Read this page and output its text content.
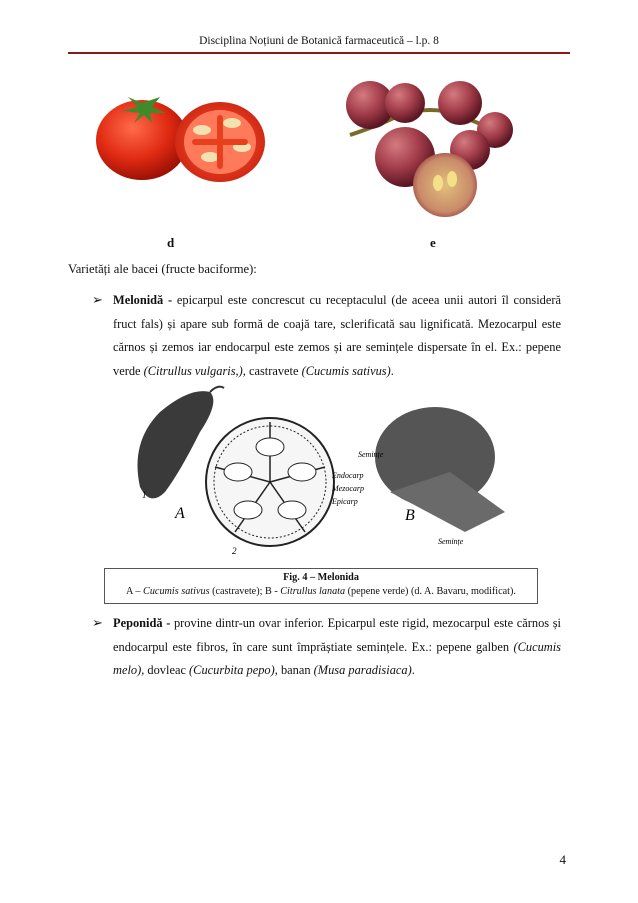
Disciplina Noțiuni de Botanică farmaceutică – l.p. 8
d	e
Varietăți ale bacei (fructe baciforme):
➢ Melonidă - epicarpul este concrescut cu receptaculul (de aceea unii autori îl consideră fruct fals) și apare sub formă de coajă tare, sclerificată sau lignificată. Mezocarpul este cărnos și zemos iar endocarpul este zemos și are semințele dispersate în el. Ex.: pepene verde (Citrullus vulgaris,), castravete (Cucumis sativus).
1
A
2
Semințe
Endocarp
Mezocarp
Epicarp
B
Semințe
Fig. 4 – Melonida
A – Cucumis sativus (castravete); B - Citrullus lanata (pepene verde) (d. A. Bavaru, modificat).
➢ Peponidă - provine dintr-un ovar inferior. Epicarpul este rigid, mezocarpul este cărnos și endocarpul este fibros, în care sunt împrăștiate semințele. Ex.: pepene galben (Cucumis melo), dovleac (Cucurbita pepo), banan (Musa paradisiaca).
4
